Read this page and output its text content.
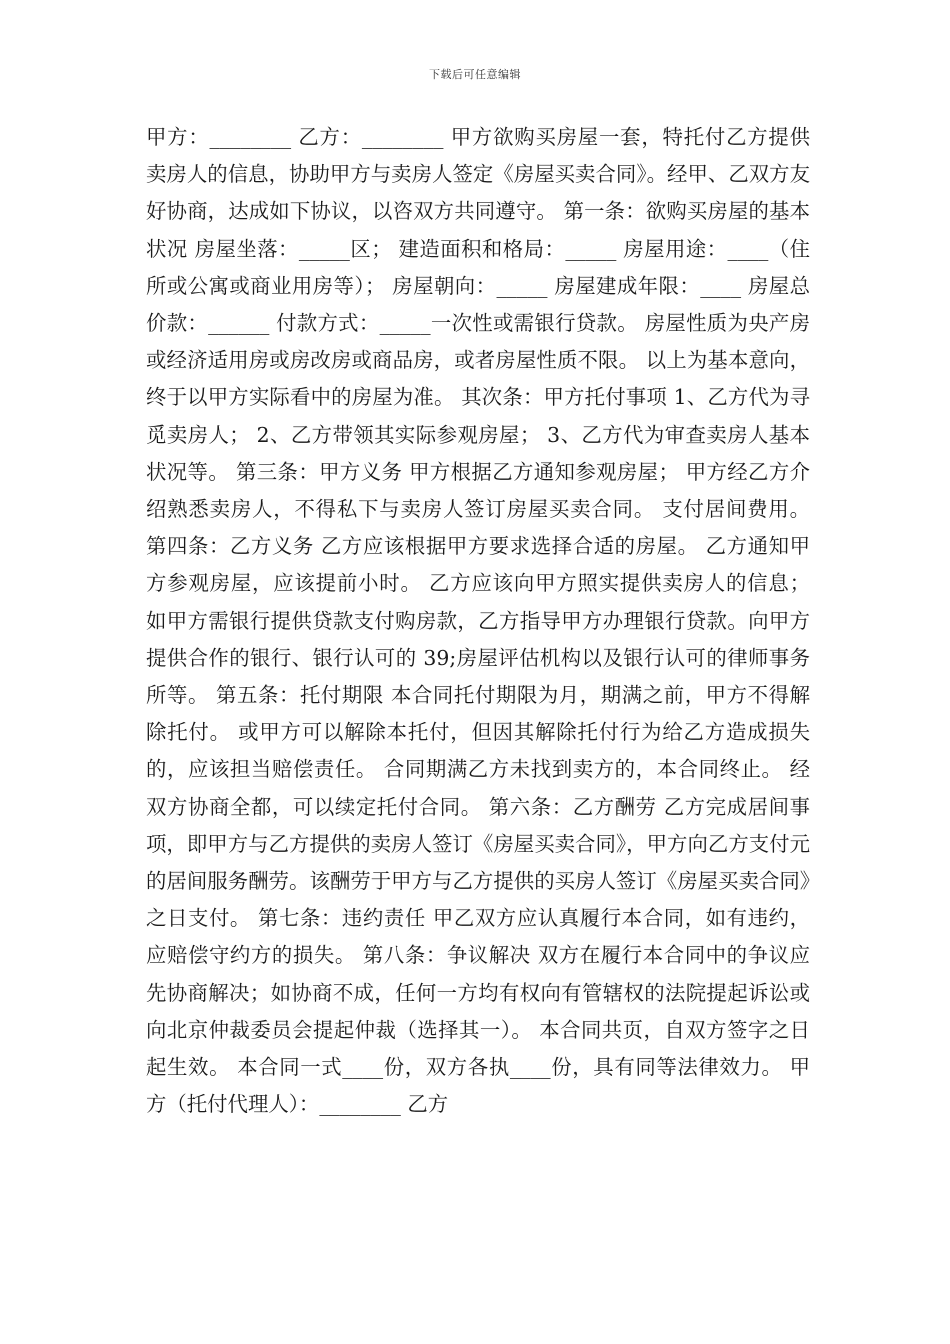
下载后可任意编辑

甲方：________ 乙方：________ 甲方欲购买房屋一套，特托付乙方提供卖房人的信息，协助甲方与卖房人签定《房屋买卖合同》。经甲、乙双方友好协商，达成如下协议，以咨双方共同遵守。 第一条：欲购买房屋的基本状况 房屋坐落：_____区； 建造面积和格局：_____ 房屋用途：____（住所或公寓或商业用房等）； 房屋朝向：_____ 房屋建成年限：____ 房屋总价款：______ 付款方式：_____一次性或需银行贷款。 房屋性质为央产房或经济适用房或房改房或商品房，或者房屋性质不限。 以上为基本意向，终于以甲方实际看中的房屋为准。 其次条：甲方托付事项 1、乙方代为寻觅卖房人； 2、乙方带领其实际参观房屋； 3、乙方代为审查卖房人基本状况等。 第三条：甲方义务 甲方根据乙方通知参观房屋； 甲方经乙方介绍熟悉卖房人，不得私下与卖房人签订房屋买卖合同。 支付居间费用。 第四条：乙方义务 乙方应该根据甲方要求选择合适的房屋。 乙方通知甲方参观房屋，应该提前小时。 乙方应该向甲方照实提供卖房人的信息； 如甲方需银行提供贷款支付购房款，乙方指导甲方办理银行贷款。向甲方提供合作的银行、银行认可的 39;房屋评估机构以及银行认可的律师事务所等。 第五条：托付期限 本合同托付期限为月，期满之前，甲方不得解除托付。 或甲方可以解除本托付，但因其解除托付行为给乙方造成损失的，应该担当赔偿责任。 合同期满乙方未找到卖方的，本合同终止。 经双方协商全都，可以续定托付合同。 第六条：乙方酬劳 乙方完成居间事项，即甲方与乙方提供的卖房人签订《房屋买卖合同》，甲方向乙方支付元的居间服务酬劳。该酬劳于甲方与乙方提供的买房人签订《房屋买卖合同》之日支付。 第七条：违约责任 甲乙双方应认真履行本合同，如有违约，应赔偿守约方的损失。 第八条：争议解决 双方在履行本合同中的争议应先协商解决；如协商不成，任何一方均有权向有管辖权的法院提起诉讼或向北京仲裁委员会提起仲裁（选择其一）。 本合同共页，自双方签字之日起生效。 本合同一式____份，双方各执____份，具有同等法律效力。 甲方（托付代理人）：________ 乙方
